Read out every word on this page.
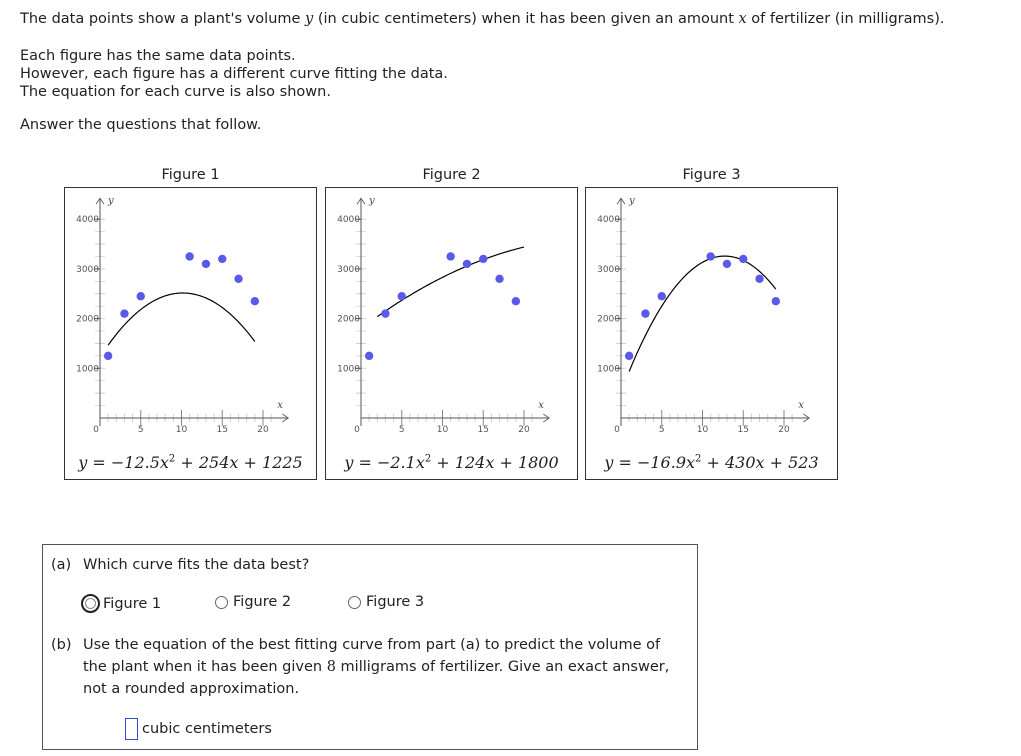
The data points show a plant's volume y (in cubic centimeters) when it has been given an amount x of fertilizer (in milligrams).

Each figure has the same data points.

However, each figure has a different curve fitting the data.

The equation for each curve is also shown.

Answer the questions that follow.

Figure 1
x
y
0	5	10	15	20
1000
2000
3000
4000
$y = -12.5x^2 + 254x + 1225$
Figure 2
x
y
0	5	10	15	20
1000
2000
3000
4000
$y = -2.1x^2 + 124x + 1800$
Figure 3
x
y
0	5	10	15	20
1000
2000
3000
4000
$y = -16.9x^2 + 430x + 523$
(a) Which curve fits the data best?
Figure 1	Figure 2	Figure 3
(b) Use the equation of the best fitting curve from part (a) to predict the volume of the plant when it has been given 8 milligrams of fertilizer. Give an exact answer, not a rounded approximation.
cubic centimeters
